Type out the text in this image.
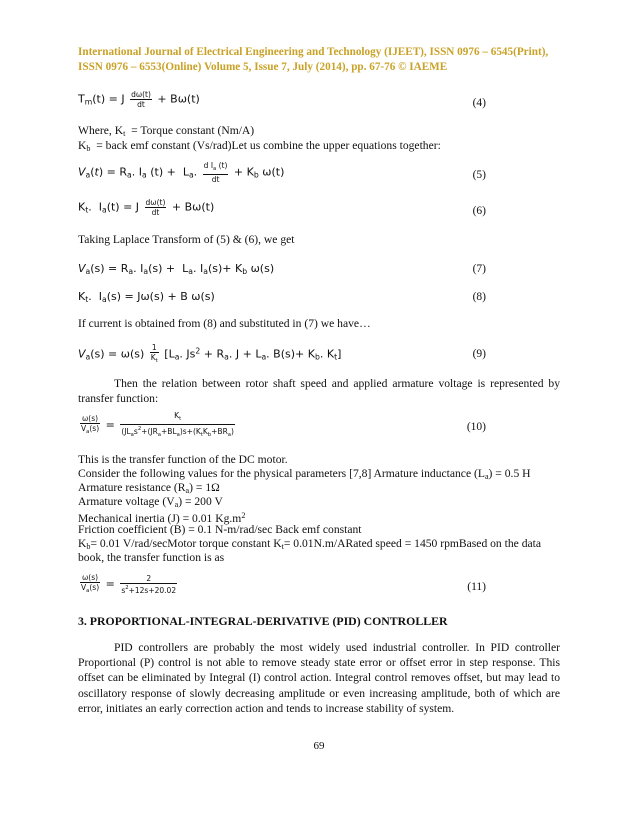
International Journal of Electrical Engineering and Technology (IJEET), ISSN 0976 – 6545(Print),
ISSN 0976 – 6553(Online) Volume 5, Issue 7, July (2014), pp. 67-76 © IAEME
$T_m(t) = J \frac{d\omega(t)}{dt} + B\omega(t)$	(4)
Where, $K_t$  = Torque constant (Nm/A)
$K_b$  = back emf constant (Vs/rad)Let us combine the upper equations together:
$V_a(t) = R_a$. $I_a$ $(t) + L_a$. $\frac{d I_a (t)}{dt} + K_b$ ω(t)	(5)
$K_t$.  $I_a(t) = J \frac{d\omega(t)}{dt} + B\omega(t)$	(6)
Taking Laplace Transform of (5) & (6), we get
$V_a(s) = R_a$. $I_a(s) + L_a$. $I_a(s)+ K_b$ ω(s)	(7)
$K_t$.  $I_a(s) = J\omega(s) + B$ ω(s)	(8)
If current is obtained from (8) and substituted in (7) we have…
$V_a(s) = \omega(s) \frac{1}{K_t} [L_a$. $Js^2 + R_a$. $J + L_a$. $B(s)+ K_b$. $K_t$]	(9)
Then the relation between rotor shaft speed and applied armature voltage is represented by transfer function:
$\frac{\omega(s)}{V_a(s)} = \frac{K_t}{(JL_as^2+(JR_a+BL_a)s+(K_tK_b+BR_a)}$	(10)
This is the transfer function of the DC motor.
Consider the following values for the physical parameters [7,8] Armature inductance $(L_a) = 0.5$ H
Armature resistance $(R_a) = 1\Omega$
Armature voltage $(V_a) = 200$ V
Mechanical inertia (J) = 0.01 $Kg.m^2$
Friction coefficient (B) = 0.1 N-m/rad/sec Back emf constant
$K_b= 0.01$ V/rad/secMotor torque constant $K_t=$ 0.01N.m/ARated speed = 1450 rpmBased on the data
book, the transfer function is as
$\frac{\omega(s)}{V_a(s)} = \frac{2}{s^2+12s+20.02}$	(11)
3. PROPORTIONAL-INTEGRAL-DERIVATIVE (PID) CONTROLLER
PID controllers are probably the most widely used industrial controller. In PID controller Proportional (P) control is not able to remove steady state error or offset error in step response. This offset can be eliminated by Integral (I) control action. Integral control removes offset, but may lead to oscillatory response of slowly decreasing amplitude or even increasing amplitude, both of which are error, initiates an early correction action and tends to increase stability of system.
69
